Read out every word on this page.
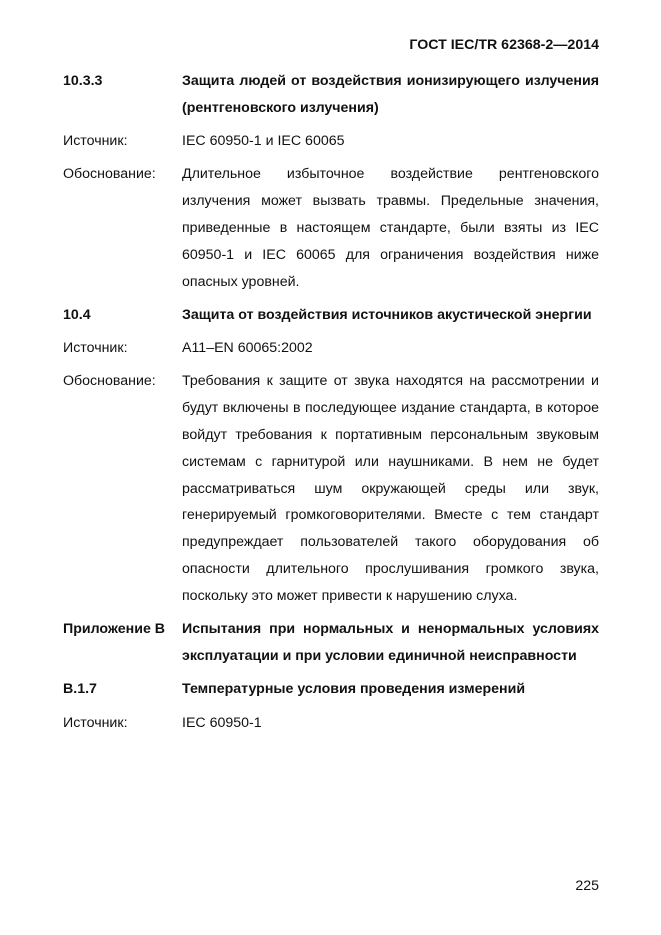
ГОСТ IEC/TR 62368-2—2014
10.3.3	Защита людей от воздействия ионизирующего излучения (рентгеновского излучения)
Источник:	IEC 60950-1 и IEC 60065
Обоснование:	Длительное избыточное воздействие рентгеновского излучения может вызвать травмы. Предельные значения, приведенные в настоящем стандарте, были взяты из IEC 60950-1 и IEC 60065 для ограничения воздействия ниже опасных уровней.
10.4	Защита от воздействия источников акустической энергии
Источник:	A11–EN 60065:2002
Обоснование:	Требования к защите от звука находятся на рассмотрении и будут включены в последующее издание стандарта, в которое войдут требования к портативным персональным звуковым системам с гарнитурой или наушниками. В нем не будет рассматриваться шум окружающей среды или звук, генерируемый громкоговорителями. Вместе с тем стандарт предупреждает пользователей такого оборудования об опасности длительного прослушивания громкого звука, поскольку это может привести к нарушению слуха.
Приложение В	Испытания при нормальных и ненормальных условиях эксплуатации и при условии единичной неисправности
В.1.7	Температурные условия проведения измерений
Источник:	IEC 60950-1
225
